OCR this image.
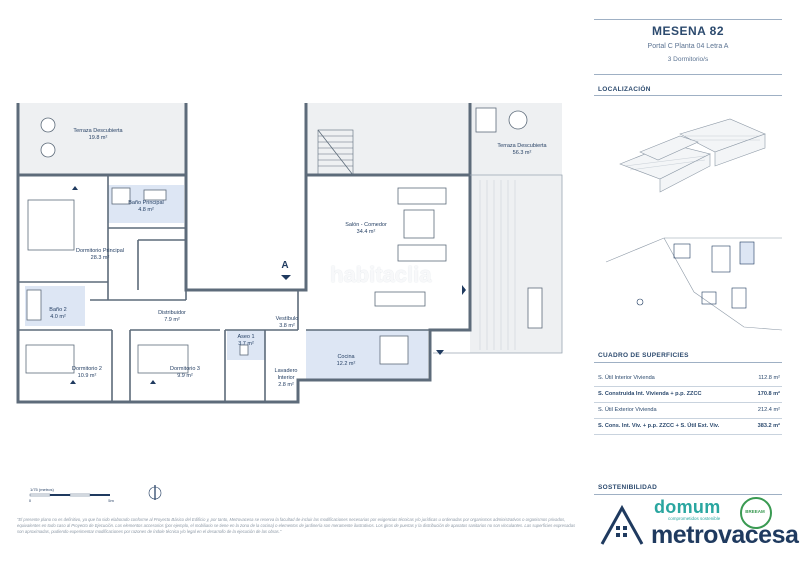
Terraza Descubierta
19.8 m²
Terraza Descubierta
56.3 m²
Baño Principal
4.8 m²
Dormitorio Principal
28.3 m²
Salón - Comedor
34.4 m²
Baño 2
4.0 m²
Distribuidor
7.9 m²	Vestíbulo
3.8 m²
Aseo 1
3.7 m²
Cocina
12.2 m²
Lavadero Interior
2.8 m²
Dormitorio 2
10.9 m²
Dormitorio 3
9.9 m²
A
1/75 (metros)
0	5m
habitaclia
MESENA 82
Portal C Planta 04 Letra A
3 Dormitorio/s
LOCALIZACIÓN
CUADRO DE SUPERFICIES
S. Útil Interior Vivienda	112.8 m²
S. Construida Int. Vivienda + p.p. ZZCC	170.8 m²
S. Útil Exterior Vivienda	212.4 m²
S. Cons. Int. Viv. + p.p. ZZCC + S. Útil Ext. Viv.	383.2 m²
SOSTENIBILIDAD
domum
comprometidos sostenible
metrovacesa
BREEAM
"El presente plano no es definitivo, ya que ha sido elaborado conforme al Proyecto Básico del Edificio y, por tanto, Metrovacesa se reserva la facultad de incluir las modificaciones necesarias por exigencias técnicas y/o jurídicas u ordenadas por organismos administrativos o organismos privados, equivalentes en todo caso al Proyecto de Ejecución. Los elementos accesorios (por ejemplo, el mobiliario se tiene en la zona de la cocina) o elementos de jardinería son meramente ilustrativos. Los giros de puertas y la distribución de aparatos sanitarios no son vinculantes. Las superficies expresadas son aproximadas, pudiendo experimentar modificaciones por razones de índole técnica y/o legal en el desarrollo de la ejecución de las obras."
